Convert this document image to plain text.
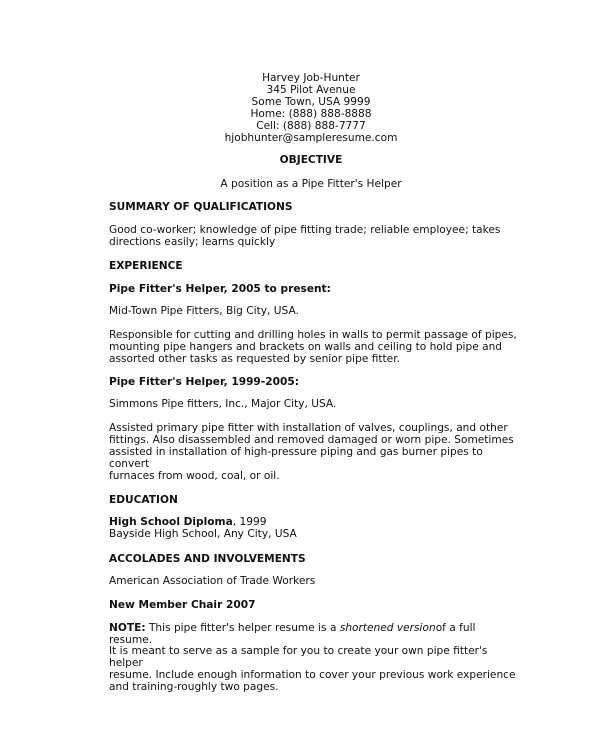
Harvey Job-Hunter
345 Pilot Avenue
Some Town, USA 9999
Home: (888) 888-8888
Cell: (888) 888-7777
hjobhunter@sampleresume.com
OBJECTIVE
A position as a Pipe Fitter's Helper

SUMMARY OF QUALIFICATIONS

Good co-worker; knowledge of pipe fitting trade; reliable employee; takes
directions easily; learns quickly

EXPERIENCE

Pipe Fitter's Helper, 2005 to present:

Mid-Town Pipe Fitters, Big City, USA.

Responsible for cutting and drilling holes in walls to permit passage of pipes,
mounting pipe hangers and brackets on walls and ceiling to hold pipe and
assorted other tasks as requested by senior pipe fitter.

Pipe Fitter's Helper, 1999-2005:

Simmons Pipe fitters, Inc., Major City, USA.

Assisted primary pipe fitter with installation of valves, couplings, and other
fittings. Also disassembled and removed damaged or worn pipe. Sometimes
assisted in installation of high-pressure piping and gas burner pipes to convert
furnaces from wood, coal, or oil.

EDUCATION

High School Diploma, 1999

Bayside High School, Any City, USA

ACCOLADES AND INVOLVEMENTS

American Association of Trade Workers

New Member Chair 2007

NOTE: This pipe fitter's helper resume is a shortened versionof a full resume.
It is meant to serve as a sample for you to create your own pipe fitter's helper
resume. Include enough information to cover your previous work experience
and training-roughly two pages.
